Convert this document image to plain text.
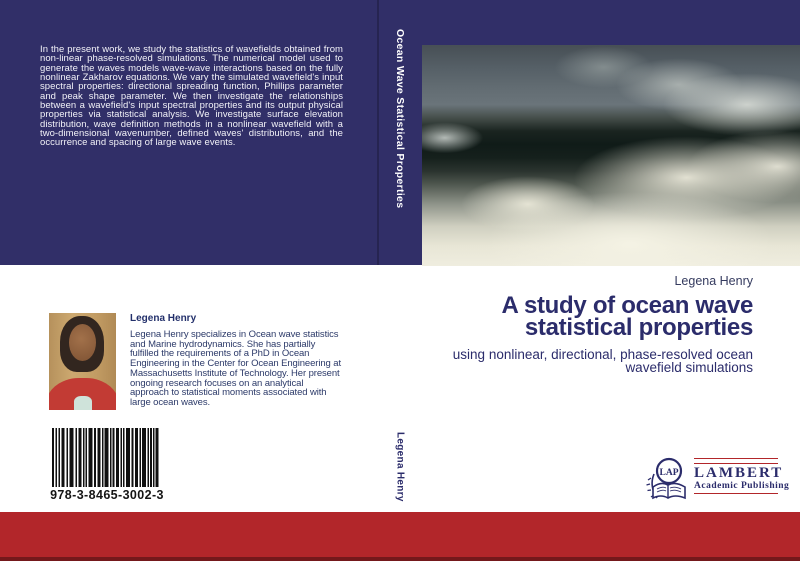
In the present work, we study the statistics of wavefields obtained from non-linear phase-resolved simulations. The numerical model used to generate the waves models wave-wave interactions based on the fully nonlinear Zakharov equations. We vary the simulated wavefield's input spectral properties: directional spreading function, Phillips parameter and peak shape parameter. We then investigate the relationships between a wavefield's input spectral properties and its output physical properties via statistical analysis. We investigate surface elevation distribution, wave definition methods in a nonlinear wavefield with a two-dimensional wavenumber, defined waves' distributions, and the occurrence and spacing of large wave events.	Ocean Wave Statistical Properties
Legena Henry
Legena Henry
Legena Henry specializes in Ocean wave statistics and Marine hydrodynamics. She has partially fulfilled the requirements of a PhD in Ocean Engineering in the Center for Ocean Engineering at Massachusetts Institute of Technology. Her present ongoing research focuses on an analytical approach to statistical moments associated with large ocean waves.
978-3-8465-3002-3
Legena Henry
A study of ocean wave
statistical properties
using nonlinear, directional, phase-resolved ocean
wavefield simulations
LAP LAMBERT
Academic Publishing
